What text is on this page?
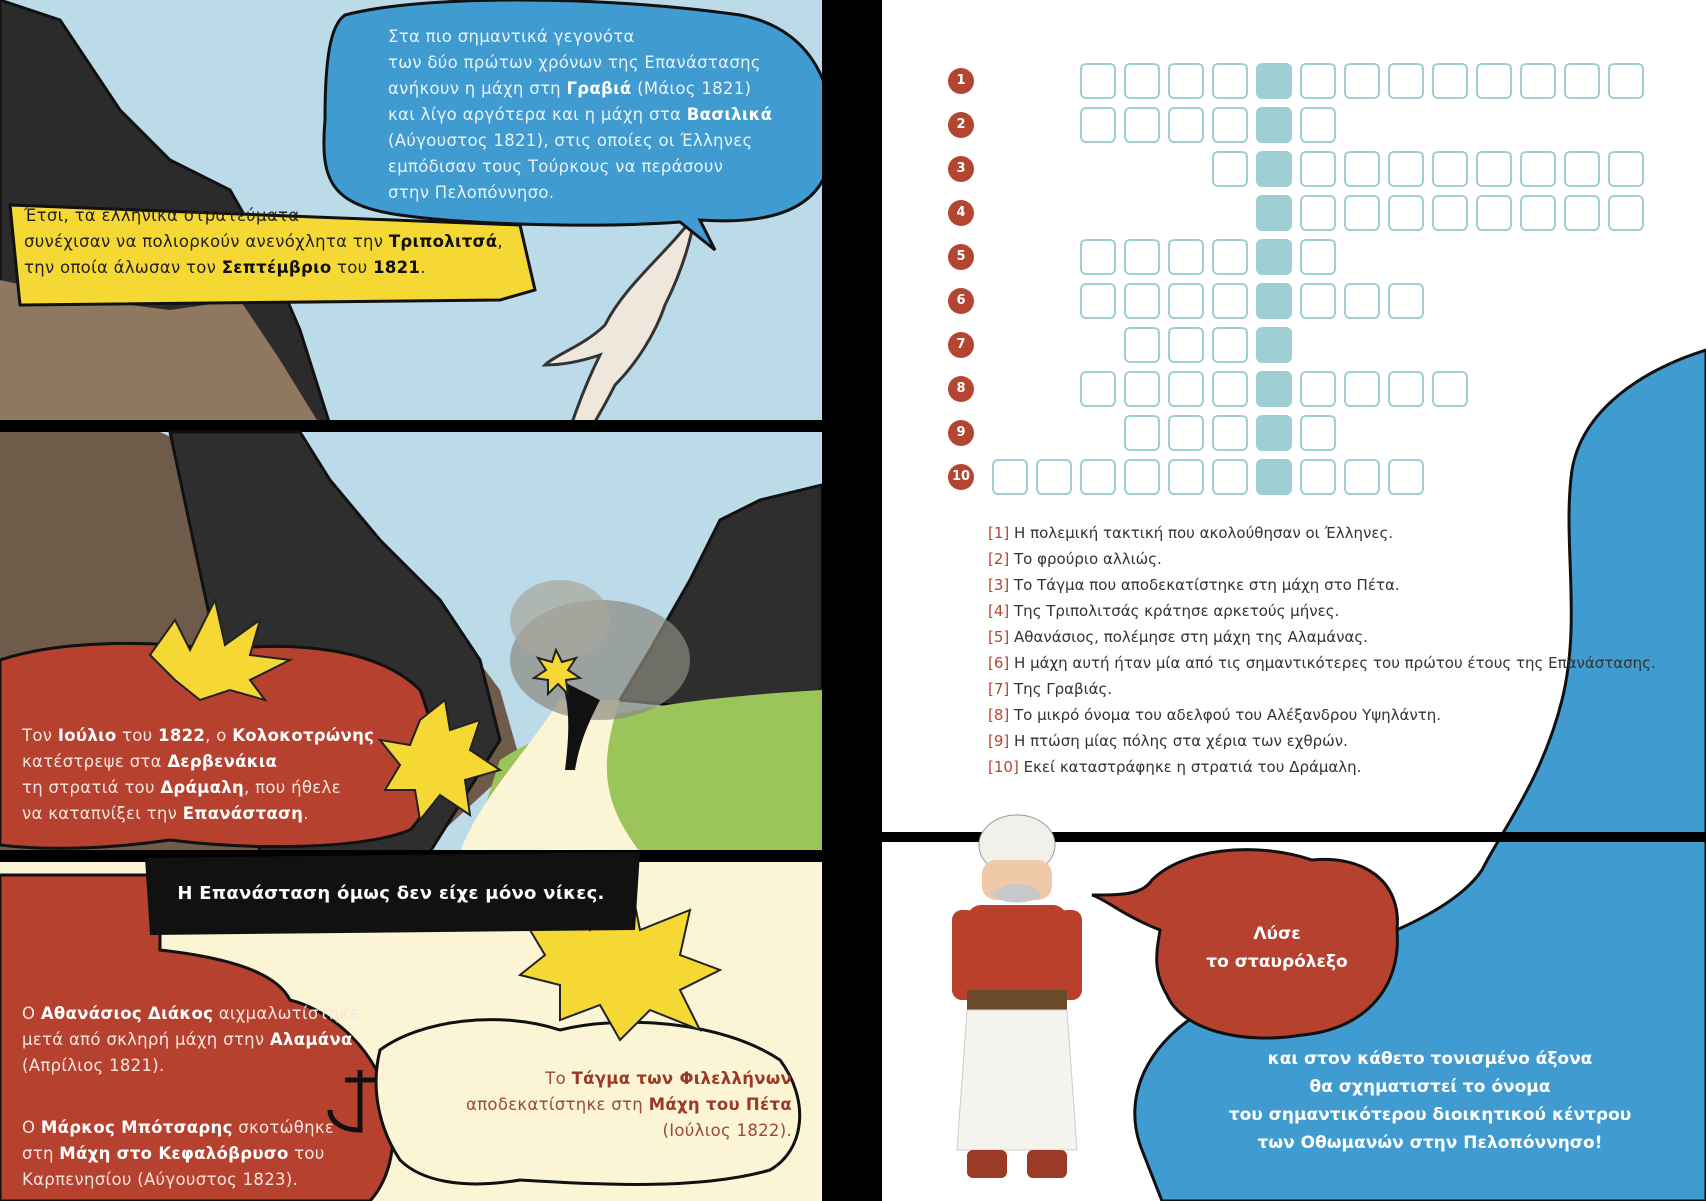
Στα πιο σημαντικά γεγονότα
των δύο πρώτων χρόνων της Επανάστασης
ανήκουν η μάχη στη Γραβιά (Μάιος 1821)
και λίγο αργότερα και η μάχη στα Βασιλικά
(Αύγουστος 1821), στις οποίες οι Έλληνες
εμπόδισαν τους Τούρκους να περάσουν
στην Πελοπόννησο.
Έτσι, τα ελληνικά στρατεύματα
συνέχισαν να πολιορκούν ανενόχλητα την Τριπολιτσά,
την οποία άλωσαν τον Σεπτέμβριο του 1821.
Τον Ιούλιο του 1822, ο Κολοκοτρώνης
κατέστρεψε στα Δερβενάκια
τη στρατιά του Δράμαλη, που ήθελε
να καταπνίξει την Επανάσταση.
Η Επανάσταση όμως δεν είχε μόνο νίκες.
Ο Αθανάσιος Διάκος αιχμαλωτίστηκε
μετά από σκληρή μάχη στην Αλαμάνα
(Απρίλιος 1821).
Ο Μάρκος Μπότσαρης σκοτώθηκε
στη Μάχη στο Κεφαλόβρυσο του
Καρπενησίου (Αύγουστος 1823).
Το Τάγμα των Φιλελλήνων
αποδεκατίστηκε στη Μάχη του Πέτα
(Ιούλιος 1822).
1
2
3
4
5
6
7
8
9
10
[1] Η πολεμική τακτική που ακολούθησαν οι Έλληνες.
[2] Το φρούριο αλλιώς.
[3] Το Τάγμα που αποδεκατίστηκε στη μάχη στο Πέτα.
[4] Της Τριπολιτσάς κράτησε αρκετούς μήνες.
[5] Αθανάσιος, πολέμησε στη μάχη της Αλαμάνας.
[6] Η μάχη αυτή ήταν μία από τις σημαντικότερες του πρώτου έτους της Επανάστασης.
[7] Της Γραβιάς.
[8] Το μικρό όνομα του αδελφού του Αλέξανδρου Υψηλάντη.
[9] Η πτώση μίας πόλης στα χέρια των εχθρών.
[10] Εκεί καταστράφηκε η στρατιά του Δράμαλη.
Λύσε
το σταυρόλεξο
και στον κάθετο τονισμένο άξονα
θα σχηματιστεί το όνομα
του σημαντικότερου διοικητικού κέντρου
των Οθωμανών στην Πελοπόννησο!
